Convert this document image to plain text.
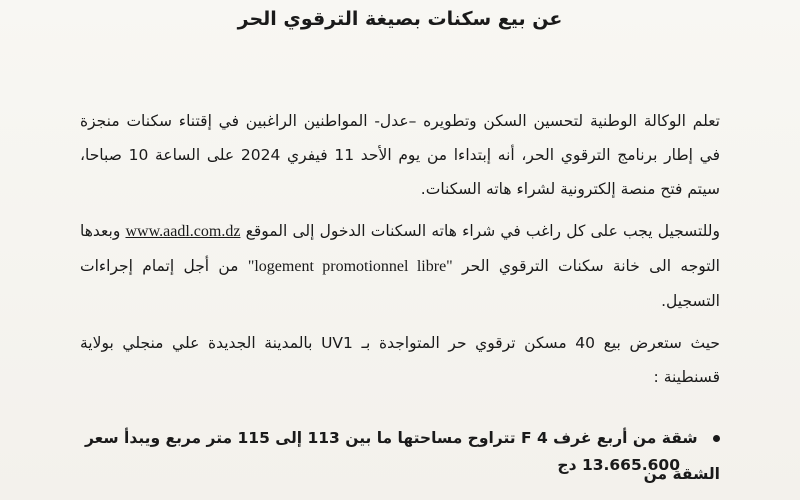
عن بيع سكنات بصيغة الترقوي الحر

تعلم الوكالة الوطنية لتحسين السكن وتطويره –عدل- المواطنين الراغبين في إقتناء سكنات منجزة في إطار برنامج الترقوي الحر، أنه إبتداءا من يوم الأحد 11 فيفري 2024 على الساعة 10 صباحا، سيتم فتح منصة إلكترونية لشراء هاته السكنات.

وللتسجيل يجب على كل راغب في شراء هاته السكنات الدخول إلى الموقع www.aadl.com.dz وبعدها التوجه الى خانة سكنات الترقوي الحر "logement promotionnel libre" من أجل إتمام إجراءات التسجيل.

حيث ستعرض بيع 40 مسكن ترقوي حر المتواجدة بـ UV1 بالمدينة الجديدة علي منجلي بولاية قسنطينة :

شقة من أربع غرف F 4 تتراوح مساحتها ما بين 113 إلى 115 متر مربع ويبدأ سعر الشقة من
13.665.600 دج
